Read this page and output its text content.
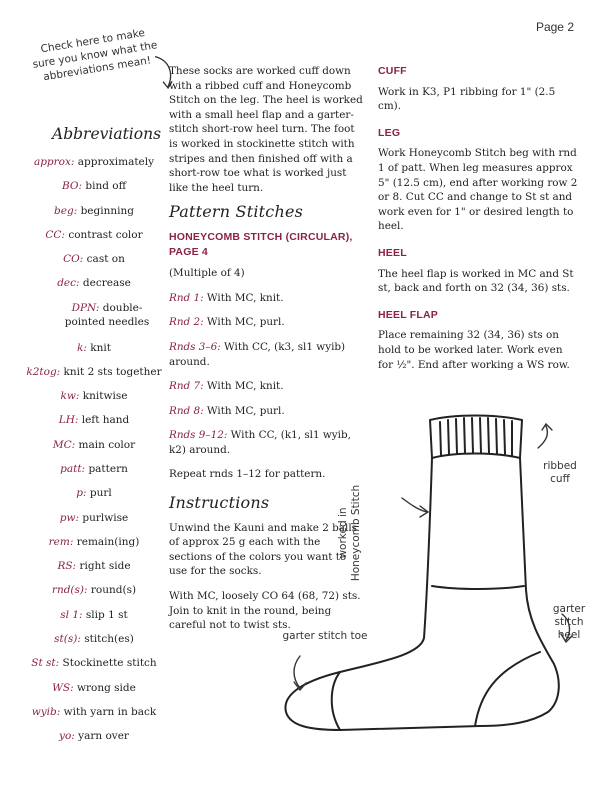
Page 2
Check here to make sure you know what the abbreviations mean!
Abbreviations
approx: approximately
BO: bind off
beg: beginning
CC: contrast color
CO: cast on
dec: decrease
DPN: double-pointed needles
k: knit
k2tog: knit 2 sts together
kw: knitwise
LH: left hand
MC: main color
patt: pattern
p: purl
pw: purlwise
rem: remain(ing)
RS: right side
rnd(s): round(s)
sl 1: slip 1 st
st(s): stitch(es)
St st: Stockinette stitch
WS: wrong side
wyib: with yarn in back
yo: yarn over

These socks are worked cuff down with a ribbed cuff and Honeycomb Stitch on the leg. The heel is worked with a small heel flap and a garter-stitch short-row heel turn. The foot is worked in stockinette stitch with stripes and then finished off with a short-row toe what is worked just like the heel turn.

Pattern Stitches
HONEYCOMB STITCH (CIRCULAR), PAGE 4

(Multiple of 4)

Rnd 1: With MC, knit.

Rnd 2: With MC, purl.

Rnds 3–6: With CC, (k3, sl1 wyib) around.

Rnd 7: With MC, knit.

Rnd 8: With MC, purl.

Rnds 9–12: With CC, (k1, sl1 wyib, k2) around.

Repeat rnds 1–12 for pattern.

Instructions

Unwind the Kauni and make 2 balls of approx 25 g each with the sections of the colors you want to use for the socks.

With MC, loosely CO 64 (68, 72) sts. Join to knit in the round, being careful not to twist sts.

CUFF

Work in K3, P1 ribbing for 1" (2.5 cm).

LEG

Work Honeycomb Stitch beg with rnd 1 of patt. When leg measures approx 5" (12.5 cm), end after working row 2 or 8. Cut CC and change to St st and work even for 1" or desired length to heel.

HEEL

The heel flap is worked in MC and St st, back and forth on 32 (34, 36) sts.

HEEL FLAP

Place remaining 32 (34, 36) sts on hold to be worked later. Work even for ½". End after working a WS row.

ribbed
cuff
worked in Honeycomb Stitch
garter
stitch
heel
garter stitch toe
